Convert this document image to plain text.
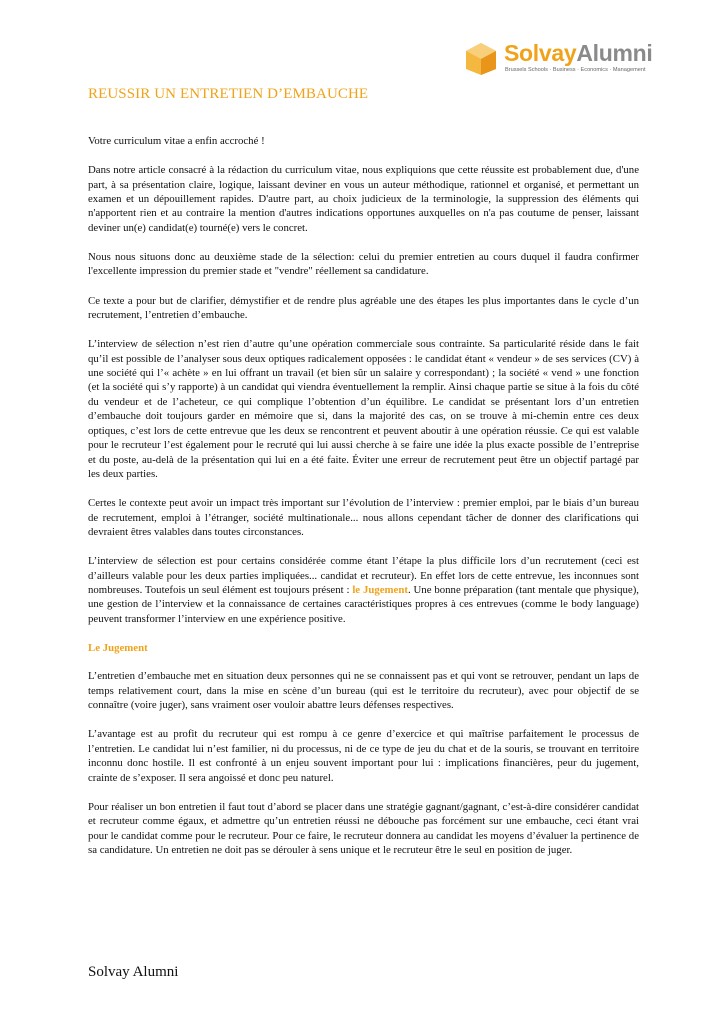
SolvayAlumni
Brussels Schools · Business · Economics · Management
REUSSIR UN ENTRETIEN D’EMBAUCHE

Votre curriculum vitae a enfin accroché !

Dans notre article consacré à la rédaction du curriculum vitae, nous expliquions que cette réussite est probablement due, d'une part, à sa présentation claire, logique, laissant deviner en vous un auteur méthodique, rationnel et organisé, et permettant un examen et un dépouillement rapides. D'autre part, au choix judicieux de la terminologie, la suppression des éléments qui n'apportent rien et au contraire la mention d'autres indications opportunes auxquelles on n'a pas coutume de penser, laissant deviner un(e) candidat(e) tourné(e) vers le concret.

Nous nous situons donc au deuxième stade de la sélection: celui du premier entretien au cours duquel il faudra confirmer l'excellente impression du premier stade et "vendre" réellement sa candidature.

Ce texte a pour but de clarifier, démystifier et de rendre plus agréable une des étapes les plus importantes dans le cycle d’un recrutement, l’entretien d’embauche.

L’interview de sélection n’est rien d’autre qu’une opération commerciale sous contrainte. Sa particularité réside dans le fait qu’il est possible de l’analyser sous deux optiques radicalement opposées : le candidat étant « vendeur » de ses services (CV) à une société qui l’« achète » en lui offrant un travail (et bien sûr un salaire y correspondant) ; la société « vend » une fonction (et la société qui s’y rapporte) à un candidat qui viendra éventuellement la remplir. Ainsi chaque partie se situe à la fois du côté du vendeur et de l’acheteur, ce qui complique l’obtention d’un équilibre. Le candidat se présentant lors d’un entretien d’embauche doit toujours garder en mémoire que si, dans la majorité des cas, on se trouve à mi-chemin entre ces deux optiques, c’est lors de cette entrevue que les deux se rencontrent et peuvent aboutir à une opération réussie. Ce qui est valable pour le recruteur l’est également pour le recruté qui lui aussi cherche à se faire une idée la plus exacte possible de l’entreprise et du poste, au-delà de la présentation qui lui en a été faite. Éviter une erreur de recrutement peut être un objectif partagé par les deux parties.

Certes le contexte peut avoir un impact très important sur l’évolution de l’interview : premier emploi, par le biais d’un bureau de recrutement, emploi à l’étranger, société multinationale... nous allons cependant tâcher de donner des clarifications qui devraient êtres valables dans toutes circonstances.

L’interview de sélection est pour certains considérée comme étant l’étape la plus difficile lors d’un recrutement (ceci est d’ailleurs valable pour les deux parties impliquées... candidat et recruteur). En effet lors de cette entrevue, les inconnues sont nombreuses. Toutefois un seul élément est toujours présent : le Jugement. Une bonne préparation (tant mentale que physique), une gestion de l’interview et la connaissance de certaines caractéristiques propres à ces entrevues (comme le body language) peuvent transformer l’interview en une expérience positive.

Le Jugement

L’entretien d’embauche met en situation deux personnes qui ne se connaissent pas et qui vont se retrouver, pendant un laps de temps relativement court, dans la mise en scène d’un bureau (qui est le territoire du recruteur), avec pour objectif de se connaître (voire juger), sans vraiment oser vouloir abattre leurs défenses respectives.

L’avantage est au profit du recruteur qui est rompu à ce genre d’exercice et qui maîtrise parfaitement le processus de l’entretien. Le candidat lui n’est familier, ni du processus, ni de ce type de jeu du chat et de la souris, se trouvant en territoire inconnu donc hostile. Il est confronté à un enjeu souvent important pour lui : implications financières, peur du jugement, crainte de s’exposer. Il sera angoissé et donc peu naturel.

Pour réaliser un bon entretien il faut tout d’abord se placer dans une stratégie gagnant/gagnant, c’est-à-dire considérer candidat et recruteur comme égaux, et admettre qu’un entretien réussi ne débouche pas forcément sur une embauche, ceci étant vrai pour le candidat comme pour le recruteur. Pour ce faire, le recruteur donnera au candidat les moyens d’évaluer la pertinence de sa candidature. Un entretien ne doit pas se dérouler à sens unique et le recruteur être le seul en position de juger.

Solvay Alumni
